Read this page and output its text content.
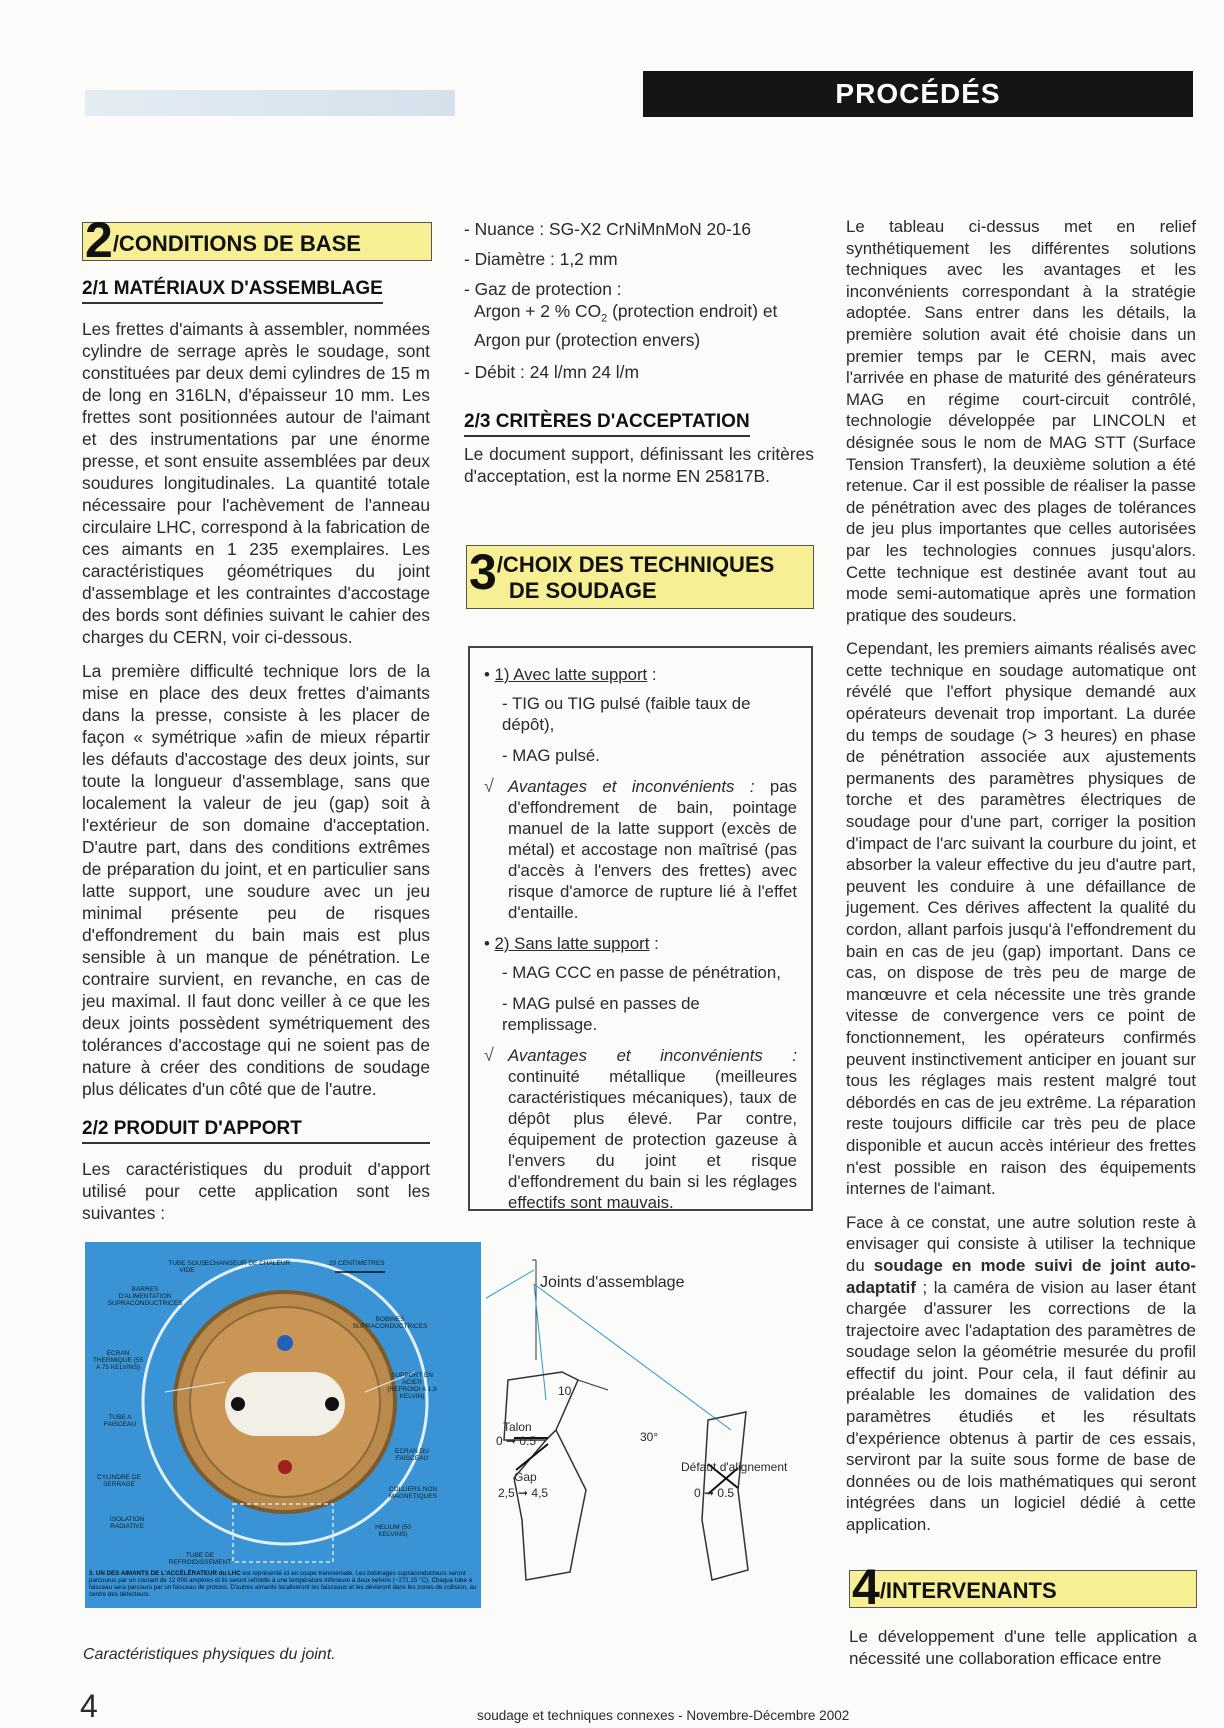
PROCÉDÉS
2 /CONDITIONS DE BASE
2/1 MATÉRIAUX D'ASSEMBLAGE

Les frettes d'aimants à assembler, nommées cylindre de serrage après le soudage, sont constituées par deux demi cylindres de 15 m de long en 316LN, d'épaisseur 10 mm. Les frettes sont positionnées autour de l'aimant et des instrumentations par une énorme presse, et sont ensuite assemblées par deux soudures longitudinales. La quantité totale nécessaire pour l'achèvement de l'anneau circulaire LHC, correspond à la fabrication de ces aimants en 1 235 exemplaires. Les caractéristiques géométriques du joint d'assemblage et les contraintes d'accostage des bords sont définies suivant le cahier des charges du CERN, voir ci-dessous.

La première difficulté technique lors de la mise en place des deux frettes d'aimants dans la presse, consiste à les placer de façon « symétrique »afin de mieux répartir les défauts d'accostage des deux joints, sur toute la longueur d'assemblage, sans que localement la valeur de jeu (gap) soit à l'extérieur de son domaine d'acceptation. D'autre part, dans des conditions extrêmes de préparation du joint, et en particulier sans latte support, une soudure avec un jeu minimal présente peu de risques d'effondrement du bain mais est plus sensible à un manque de pénétration. Le contraire survient, en revanche, en cas de jeu maximal. Il faut donc veiller à ce que les deux joints possèdent symétriquement des tolérances d'accostage qui ne soient pas de nature à créer des conditions de soudage plus délicates d'un côté que de l'autre.

2/2 PRODUIT D'APPORT

Les caractéristiques du produit d'apport utilisé pour cette application sont les suivantes :

- Nuance : SG-X2 CrNiMnMoN 20-16
- Diamètre : 1,2 mm
- Gaz de protection :
Argon + 2 % $CO_2$ (protection endroit) et
Argon pur (protection envers)
- Débit : 24 l/mn 24 l/m
2/3 CRITÈRES D'ACCEPTATION

Le document support, définissant les critères d'acceptation, est la norme EN 25817B.

3 /CHOIX DES TECHNIQUES
DE SOUDAGE
• 1) Avec latte support :
- TIG ou TIG pulsé (faible taux de dépôt),
- MAG pulsé.
√ Avantages et inconvénients : pas d'effondrement de bain, pointage manuel de la latte support (excès de métal) et accostage non maîtrisé (pas d'accès à l'envers des frettes) avec risque d'amorce de rupture lié à l'effet d'entaille.
• 2) Sans latte support :
- MAG CCC en passe de pénétration,
- MAG pulsé en passes de remplissage.
√ Avantages et inconvénients : continuité métallique (meilleures caractéristiques mécaniques), taux de dépôt plus élevé. Par contre, équipement de protection gazeuse à l'envers du joint et risque d'effondrement du bain si les réglages effectifs sont mauvais.

Le tableau ci-dessus met en relief synthétiquement les différentes solutions techniques avec les avantages et les inconvénients correspondant à la stratégie adoptée. Sans entrer dans les détails, la première solution avait été choisie dans un premier temps par le CERN, mais avec l'arrivée en phase de maturité des générateurs MAG en régime court-circuit contrôlé, technologie développée par LINCOLN et désignée sous le nom de MAG STT (Surface Tension Transfert), la deuxième solution a été retenue. Car il est possible de réaliser la passe de pénétration avec des plages de tolérances de jeu plus importantes que celles autorisées par les technologies connues jusqu'alors. Cette technique est destinée avant tout au mode semi-automatique après une formation pratique des soudeurs.

Cependant, les premiers aimants réalisés avec cette technique en soudage automatique ont révélé que l'effort physique demandé aux opérateurs devenait trop important. La durée du temps de soudage (> 3 heures) en phase de pénétration associée aux ajustements permanents des paramètres physiques de torche et des paramètres électriques de soudage pour d'une part, corriger la position d'impact de l'arc suivant la courbure du joint, et absorber la valeur effective du jeu d'autre part, peuvent les conduire à une défaillance de jugement. Ces dérives affectent la qualité du cordon, allant parfois jusqu'à l'effondrement du bain en cas de jeu (gap) important. Dans ce cas, on dispose de très peu de marge de manœuvre et cela nécessite une très grande vitesse de convergence vers ce point de fonctionnement, les opérateurs confirmés peuvent instinctivement anticiper en jouant sur tous les réglages mais restent malgré tout débordés en cas de jeu extrême. La réparation reste toujours difficile car très peu de place disponible et aucun accès intérieur des frettes n'est possible en raison des équipements internes de l'aimant.

Face à ce constat, une autre solution reste à envisager qui consiste à utiliser la technique du soudage en mode suivi de joint auto-adaptatif ; la caméra de vision au laser étant chargée d'assurer les corrections de la trajectoire avec l'adaptation des paramètres de soudage selon la géométrie mesurée du profil effectif du joint. Pour cela, il faut définir au préalable les domaines de validation des paramètres étudiés et les résultats d'expérience obtenus à partir de ces essais, serviront par la suite sous forme de base de données ou de lois mathématiques qui seront intégrées dans un logiciel dédié à cette application.

4 /INTERVENANTS

Le développement d'une telle application a nécessité une collaboration efficace entre

TUBE SOUS VIDE
ECHANGEUR DE CHALEUR	20 CENTIMETRES
BARRES D'ALIMENTATION SUPRACONDUCTRICES
BOBINES SUPRACONDUCTRICES
ECRAN THERMIQUE (55 A 75 KELVINS)
SUPPORT EN ACIER (REFROIDI A 1,9 KELVIN)
TUBE A FAISCEAU
ECRAN DU FAISCEAU
CYLINDRE DE SERRAGE
COLLIERS NON MAGNETIQUES
ISOLATION RADIATIVE	HELIUM (50 KELVINS)
TUBE DE REFROIDISSEMENT
3. UN DES AIMANTS DE L'ACCÉLÉRATEUR du LHC est représenté ici en coupe transversale. Les bobinages supraconducteurs seront parcourus par un courant de 12 000 ampères et ils seront refroidis à une température inférieure à deux kelvins (−271,15 °C). Chaque tube à faisceau sera parcouru par un faisceau de protons. D'autres aimants localiseront les faisceaux et les dévieront dans les zones de collision, au centre des détecteurs.
Joints d'assemblage
10
Talon
0 ➞ 0.5	30°
Gap
2,5 ➞ 4,5
Défaut d'alignement
0 ➞ 0.5
Caractéristiques physiques du joint.
4	soudage et techniques connexes - Novembre-Décembre 2002
